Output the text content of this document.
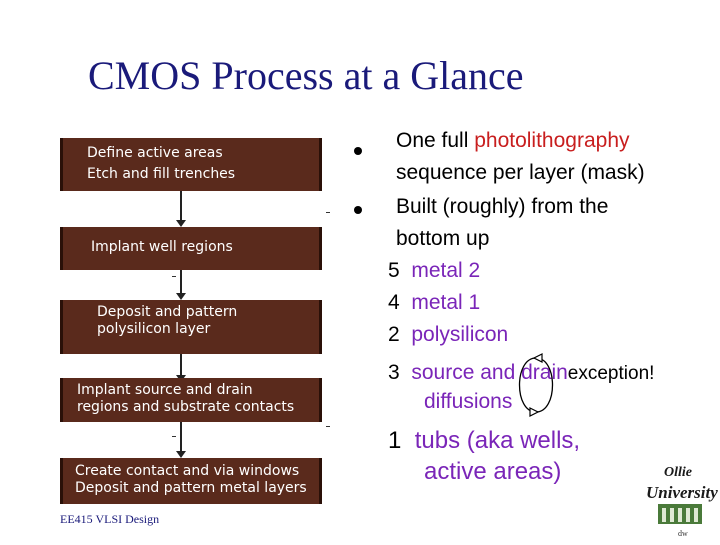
CMOS Process at a Glance
Define active areas
Etch and fill trenches
Implant well regions
Deposit and pattern
polysilicon layer
Implant source and drain
regions and substrate contacts
Create contact and via windows
Deposit and pattern metal layers
EE415 VLSI Design
One full photolithography
sequence per layer (mask)
Built (roughly) from the
bottom up
5 metal 2
4 metal 1
2 polysilicon
3 source and drainexception!
diffusions
1 tubs (aka wells,
active areas)	Ollie
University
dw
